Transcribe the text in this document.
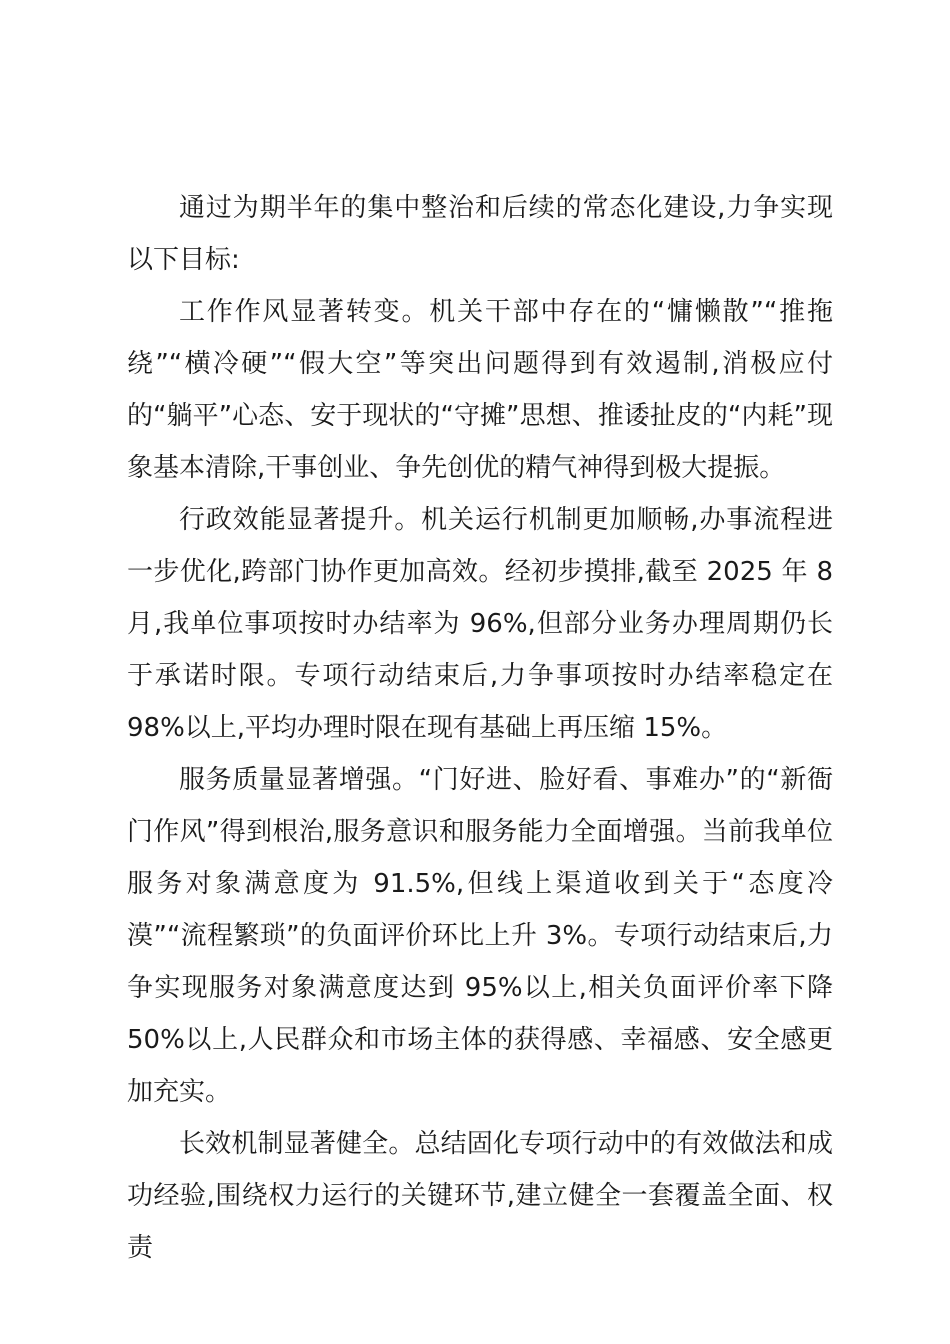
通过为期半年的集中整治和后续的常态化建设,力争实现以下目标:

工作作风显著转变。机关干部中存在的“慵懒散”“推拖绕”“横冷硬”“假大空”等突出问题得到有效遏制,消极应付的“躺平”心态、安于现状的“守摊”思想、推诿扯皮的“内耗”现象基本清除,干事创业、争先创优的精气神得到极大提振。

行政效能显著提升。机关运行机制更加顺畅,办事流程进一步优化,跨部门协作更加高效。经初步摸排,截至 2025 年 8 月,我单位事项按时办结率为 96%,但部分业务办理周期仍长于承诺时限。专项行动结束后,力争事项按时办结率稳定在 98%以上,平均办理时限在现有基础上再压缩 15%。

服务质量显著增强。“门好进、脸好看、事难办”的“新衙门作风”得到根治,服务意识和服务能力全面增强。当前我单位服务对象满意度为 91.5%,但线上渠道收到关于“态度冷漠”“流程繁琐”的负面评价环比上升 3%。专项行动结束后,力争实现服务对象满意度达到 95%以上,相关负面评价率下降 50%以上,人民群众和市场主体的获得感、幸福感、安全感更加充实。

长效机制显著健全。总结固化专项行动中的有效做法和成功经验,围绕权力运行的关键环节,建立健全一套覆盖全面、权责
